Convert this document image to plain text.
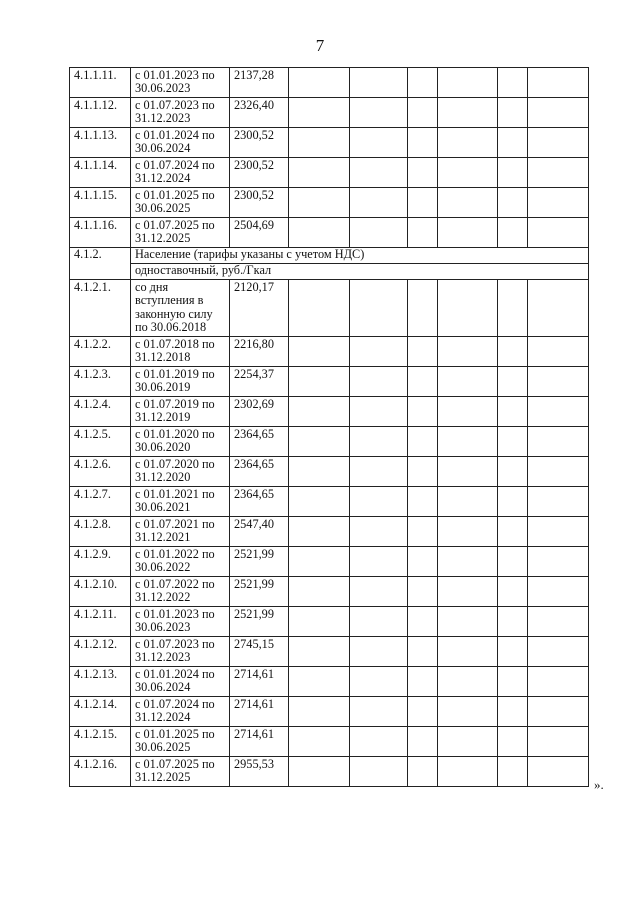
7
4.1.1.11.	с 01.01.2023 по 30.06.2023	2137,28						
4.1.1.12.	с 01.07.2023 по 31.12.2023	2326,40						
4.1.1.13.	с 01.01.2024 по 30.06.2024	2300,52						
4.1.1.14.	с 01.07.2024 по 31.12.2024	2300,52						
4.1.1.15.	с 01.01.2025 по 30.06.2025	2300,52						
4.1.1.16.	с 01.07.2025 по 31.12.2025	2504,69						
4.1.2.	Население (тарифы указаны с учетом НДС)							
	одноставочный, руб./Гкал							
4.1.2.1.	со дня вступления в законную силу по 30.06.2018	2120,17						
4.1.2.2.	с 01.07.2018 по 31.12.2018	2216,80						
4.1.2.3.	с 01.01.2019 по 30.06.2019	2254,37						
4.1.2.4.	с 01.07.2019 по 31.12.2019	2302,69						
4.1.2.5.	с 01.01.2020 по 30.06.2020	2364,65						
4.1.2.6.	с 01.07.2020 по 31.12.2020	2364,65						
4.1.2.7.	с 01.01.2021 по 30.06.2021	2364,65						
4.1.2.8.	с 01.07.2021 по 31.12.2021	2547,40						
4.1.2.9.	с 01.01.2022 по 30.06.2022	2521,99						
4.1.2.10.	с 01.07.2022 по 31.12.2022	2521,99						
4.1.2.11.	с 01.01.2023 по 30.06.2023	2521,99						
4.1.2.12.	с 01.07.2023 по 31.12.2023	2745,15						
4.1.2.13.	с 01.01.2024 по 30.06.2024	2714,61						
4.1.2.14.	с 01.07.2024 по 31.12.2024	2714,61						
4.1.2.15.	с 01.01.2025 по 30.06.2025	2714,61						
4.1.2.16.	с 01.07.2025 по 31.12.2025	2955,53						
».
